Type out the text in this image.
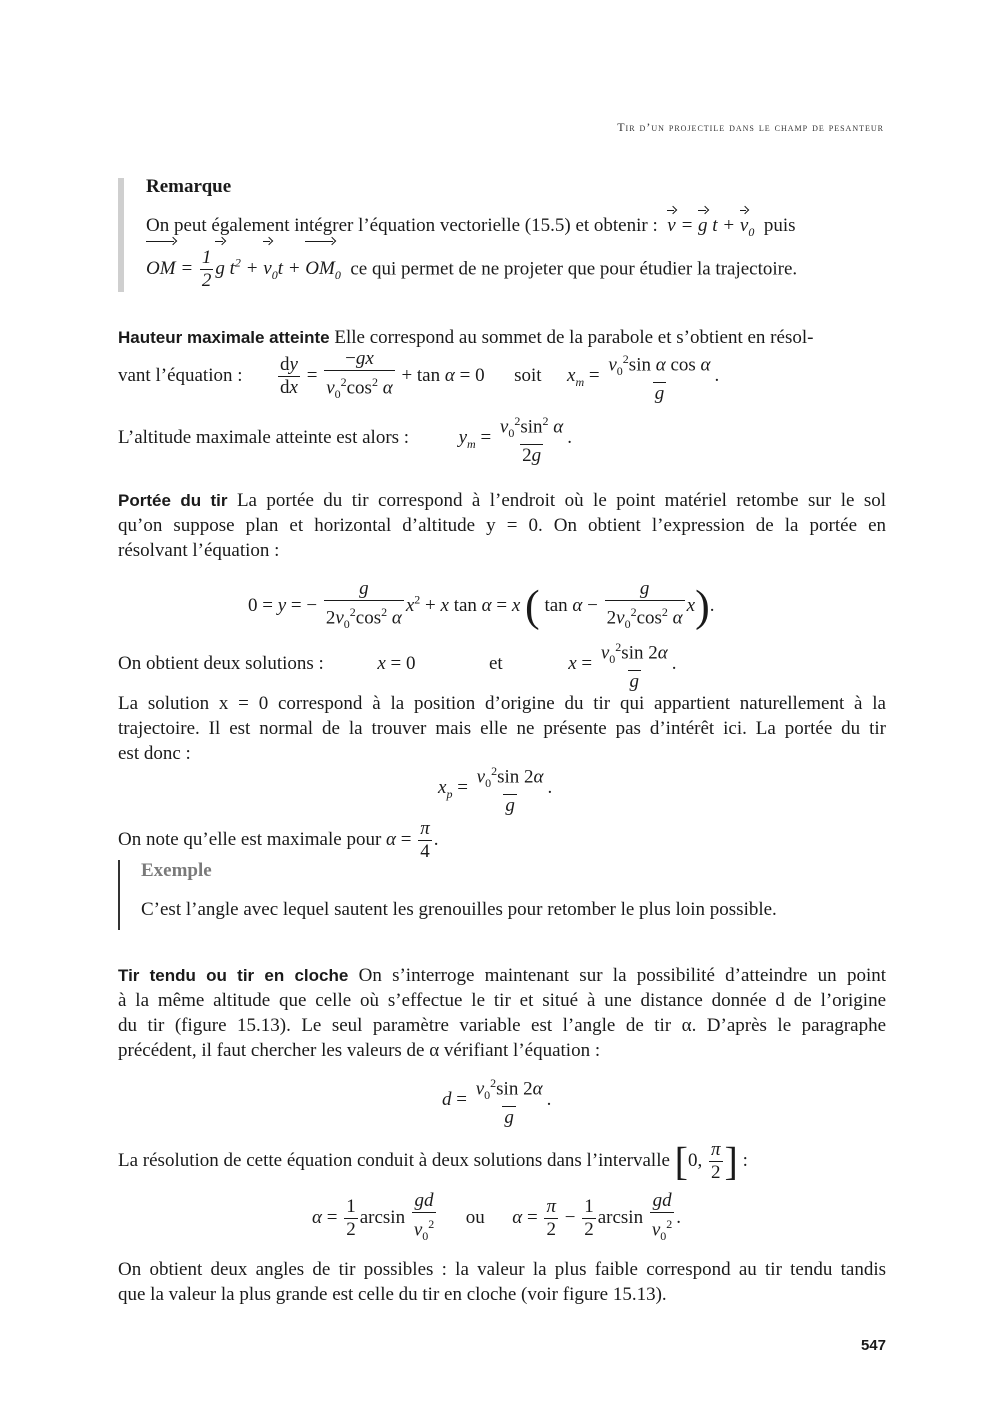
Tir d’un projectile dans le champ de pesanteur
Remarque
On peut également intégrer l’équation vectorielle (15.5) et obtenir : v = g $t + v_0$ puis
OM = $\frac{1}{2}$ g $t^2 + v_0t + OM_0$ ce qui permet de ne projeter que pour étudier la trajectoire.
Hauteur maximale atteinte Elle correspond au sommet de la parabole et s’obtient en résol-
vant l’équation : $\frac{dy}{dx} = \frac{-gx}{v_0^2\cos^2 \alpha} + \tan \alpha = 0$ soit $x_m = \frac{v_0^2\sin \alpha \cos \alpha}{g}$ .
L’altitude maximale atteinte est alors :	$y_m = \frac{v_0^2\sin^2 \alpha}{2g}$ .
Portée du tir La portée du tir correspond à l’endroit où le point matériel retombe sur le sol
qu’on suppose plan et horizontal d’altitude y = 0. On obtient l’expression de la portée en
résolvant l’équation :
0 = y = − $\frac{g}{2v_0^2\cos^2 \alpha} x^2 + x$ tan α = x ( $\tan \alpha - \frac{g}{2v_0^2\cos^2 \alpha} x$).
On obtient deux solutions :	x = 0	et	$x = \frac{v_0^2\sin 2\alpha}{g}$ .
La solution x = 0 correspond à la position d’origine du tir qui appartient naturellement à la
trajectoire. Il est normal de la trouver mais elle ne présente pas d’intérêt ici. La portée du tir
est donc :
$x_p = \frac{v_0^2\sin 2\alpha}{g}$ .
On note qu’elle est maximale pour $\alpha = \frac{\pi}{4}$ .
Exemple
C’est l’angle avec lequel sautent les grenouilles pour retomber le plus loin possible.
Tir tendu ou tir en cloche On s’interroge maintenant sur la possibilité d’atteindre un point
à la même altitude que celle où s’effectue le tir et situé à une distance donnée d de l’origine
du tir (figure 15.13). Le seul paramètre variable est l’angle de tir α. D’après le paragraphe
précédent, il faut chercher les valeurs de α vérifiant l’équation :
$d = \frac{v_0^2\sin 2\alpha}{g}$ .
La résolution de cette équation conduit à deux solutions dans l’intervalle [0, $\frac{\pi}{2}$ ] :
$\alpha = \frac{1}{2}$ $\arcsin \frac{gd}{v_0^2}$ ou $\alpha = \frac{\pi}{2} - \frac{1}{2}$ $\arcsin \frac{gd}{v_0^2}$ .
On obtient deux angles de tir possibles : la valeur la plus faible correspond au tir tendu tandis
que la valeur la plus grande est celle du tir en cloche (voir figure 15.13).
547
